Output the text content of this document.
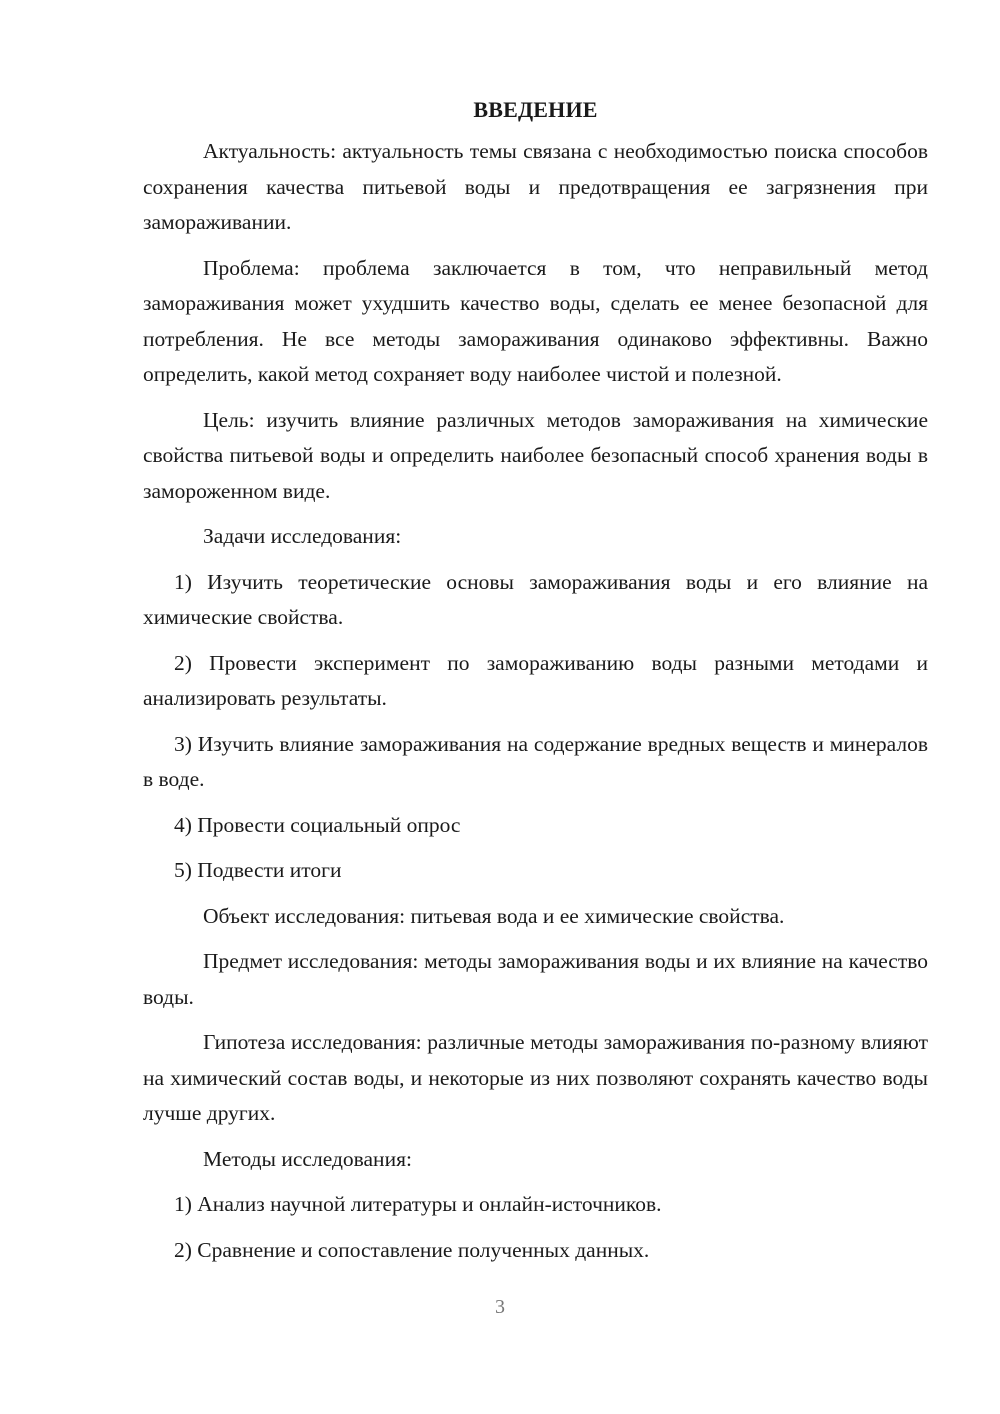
ВВЕДЕНИЕ

Актуальность: актуальность темы связана с необходимостью поиска способов сохранения качества питьевой воды и предотвращения ее загрязнения при замораживании.

Проблема: проблема заключается в том, что неправильный метод замораживания может ухудшить качество воды, сделать ее менее безопасной для потребления. Не все методы замораживания одинаково эффективны. Важно определить, какой метод сохраняет воду наиболее чистой и полезной.

Цель: изучить влияние различных методов замораживания на химические свойства питьевой воды и определить наиболее безопасный способ хранения воды в замороженном виде.

Задачи исследования:

1) Изучить теоретические основы замораживания воды и его влияние на химические свойства.

2) Провести эксперимент по замораживанию воды разными методами и анализировать результаты.

3) Изучить влияние замораживания на содержание вредных веществ и минералов в воде.

4) Провести социальный опрос

5) Подвести итоги

Объект исследования: питьевая вода и ее химические свойства.

Предмет исследования: методы замораживания воды и их влияние на качество воды.

Гипотеза исследования: различные методы замораживания по-разному влияют на химический состав воды, и некоторые из них позволяют сохранять качество воды лучше других.

Методы исследования:

1) Анализ научной литературы и онлайн-источников.

2) Сравнение и сопоставление полученных данных.

3
